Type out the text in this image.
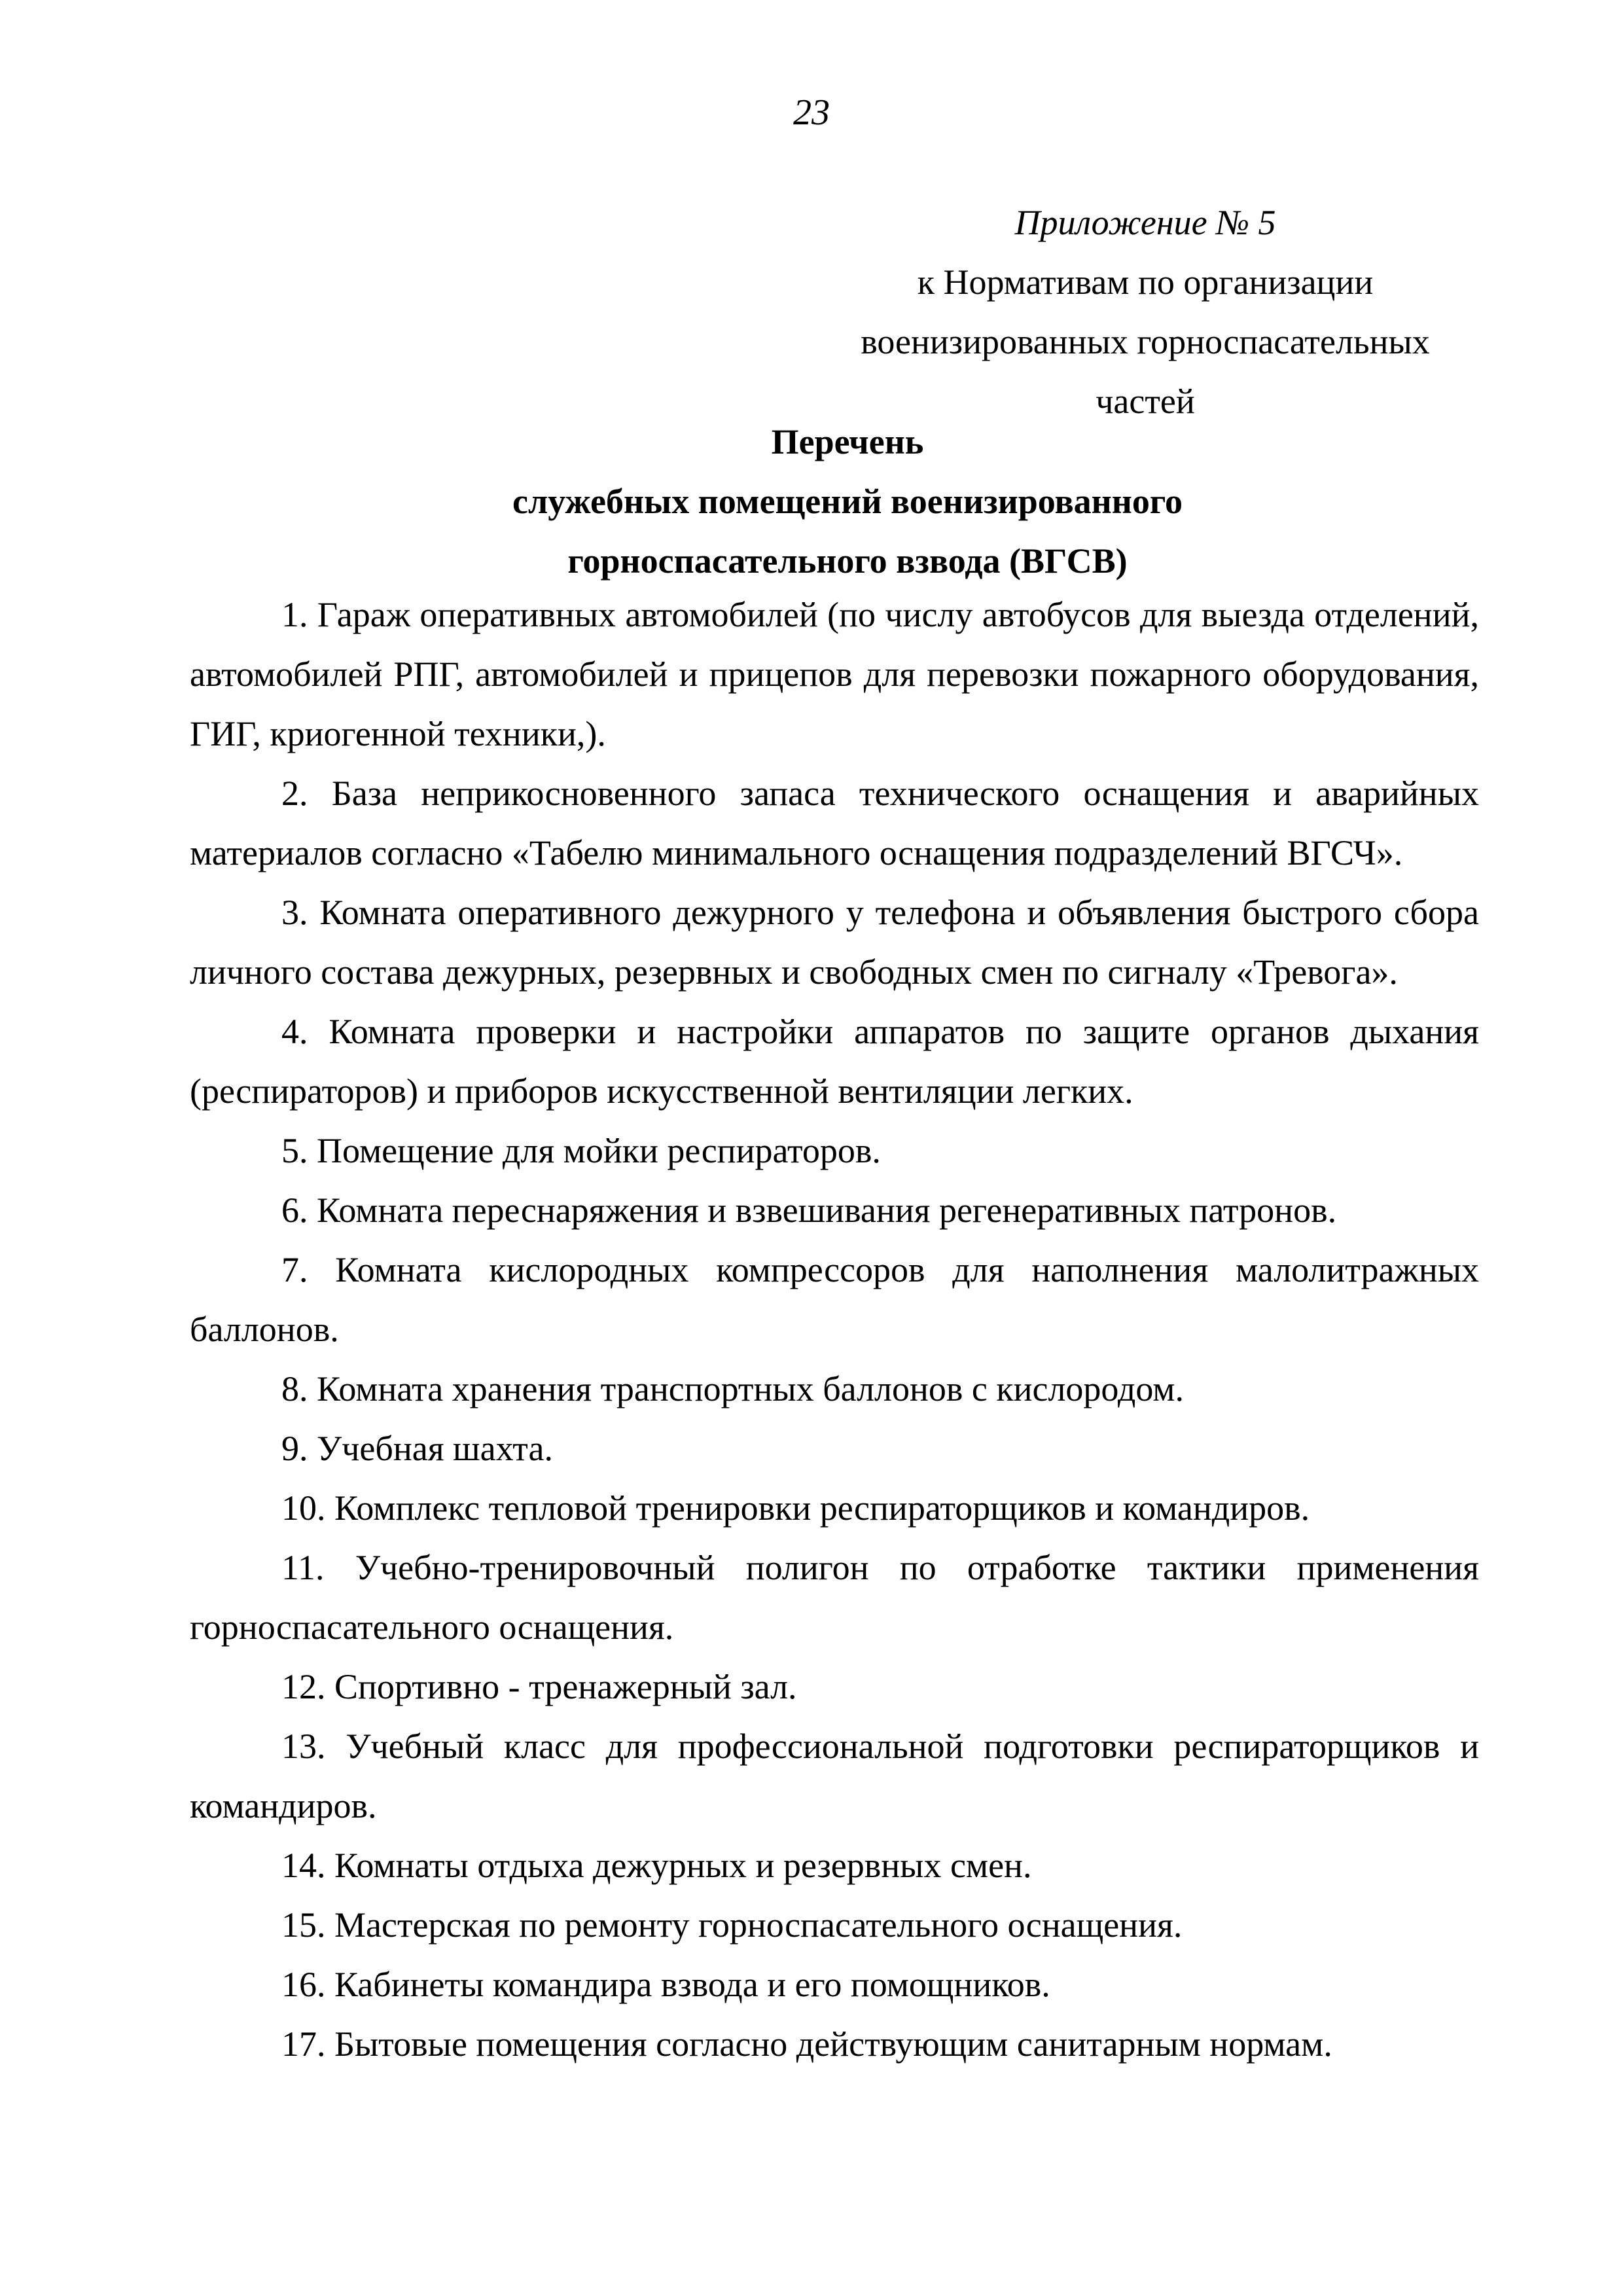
23
Приложение № 5
к Нормативам по организации
военизированных горноспасательных
частей
Перечень
служебных помещений военизированного
горноспасательного взвода (ВГСВ)

1. Гараж оперативных автомобилей (по числу автобусов для выезда отделений, автомобилей РПГ, автомобилей и прицепов для перевозки пожарного оборудования, ГИГ, криогенной техники,).

2. База неприкосновенного запаса технического оснащения и аварийных материалов согласно «Табелю минимального оснащения подразделений ВГСЧ».

3. Комната оперативного дежурного у телефона и объявления быстрого сбора личного состава дежурных, резервных и свободных смен по сигналу «Тревога».

4. Комната проверки и настройки аппаратов по защите органов дыхания (респираторов) и приборов искусственной вентиляции легких.

5. Помещение для мойки респираторов.

6. Комната переснаряжения и взвешивания регенеративных патронов.

7. Комната кислородных компрессоров для наполнения малолитражных баллонов.

8. Комната хранения транспортных баллонов с кислородом.

9. Учебная шахта.

10. Комплекс тепловой тренировки респираторщиков и командиров.

11. Учебно-тренировочный полигон по отработке тактики применения горноспасательного оснащения.

12. Спортивно - тренажерный зал.

13. Учебный класс для профессиональной подготовки респираторщиков и командиров.

14. Комнаты отдыха дежурных и резервных смен.

15. Мастерская по ремонту горноспасательного оснащения.

16. Кабинеты командира взвода и его помощников.

17. Бытовые помещения согласно действующим санитарным нормам.
